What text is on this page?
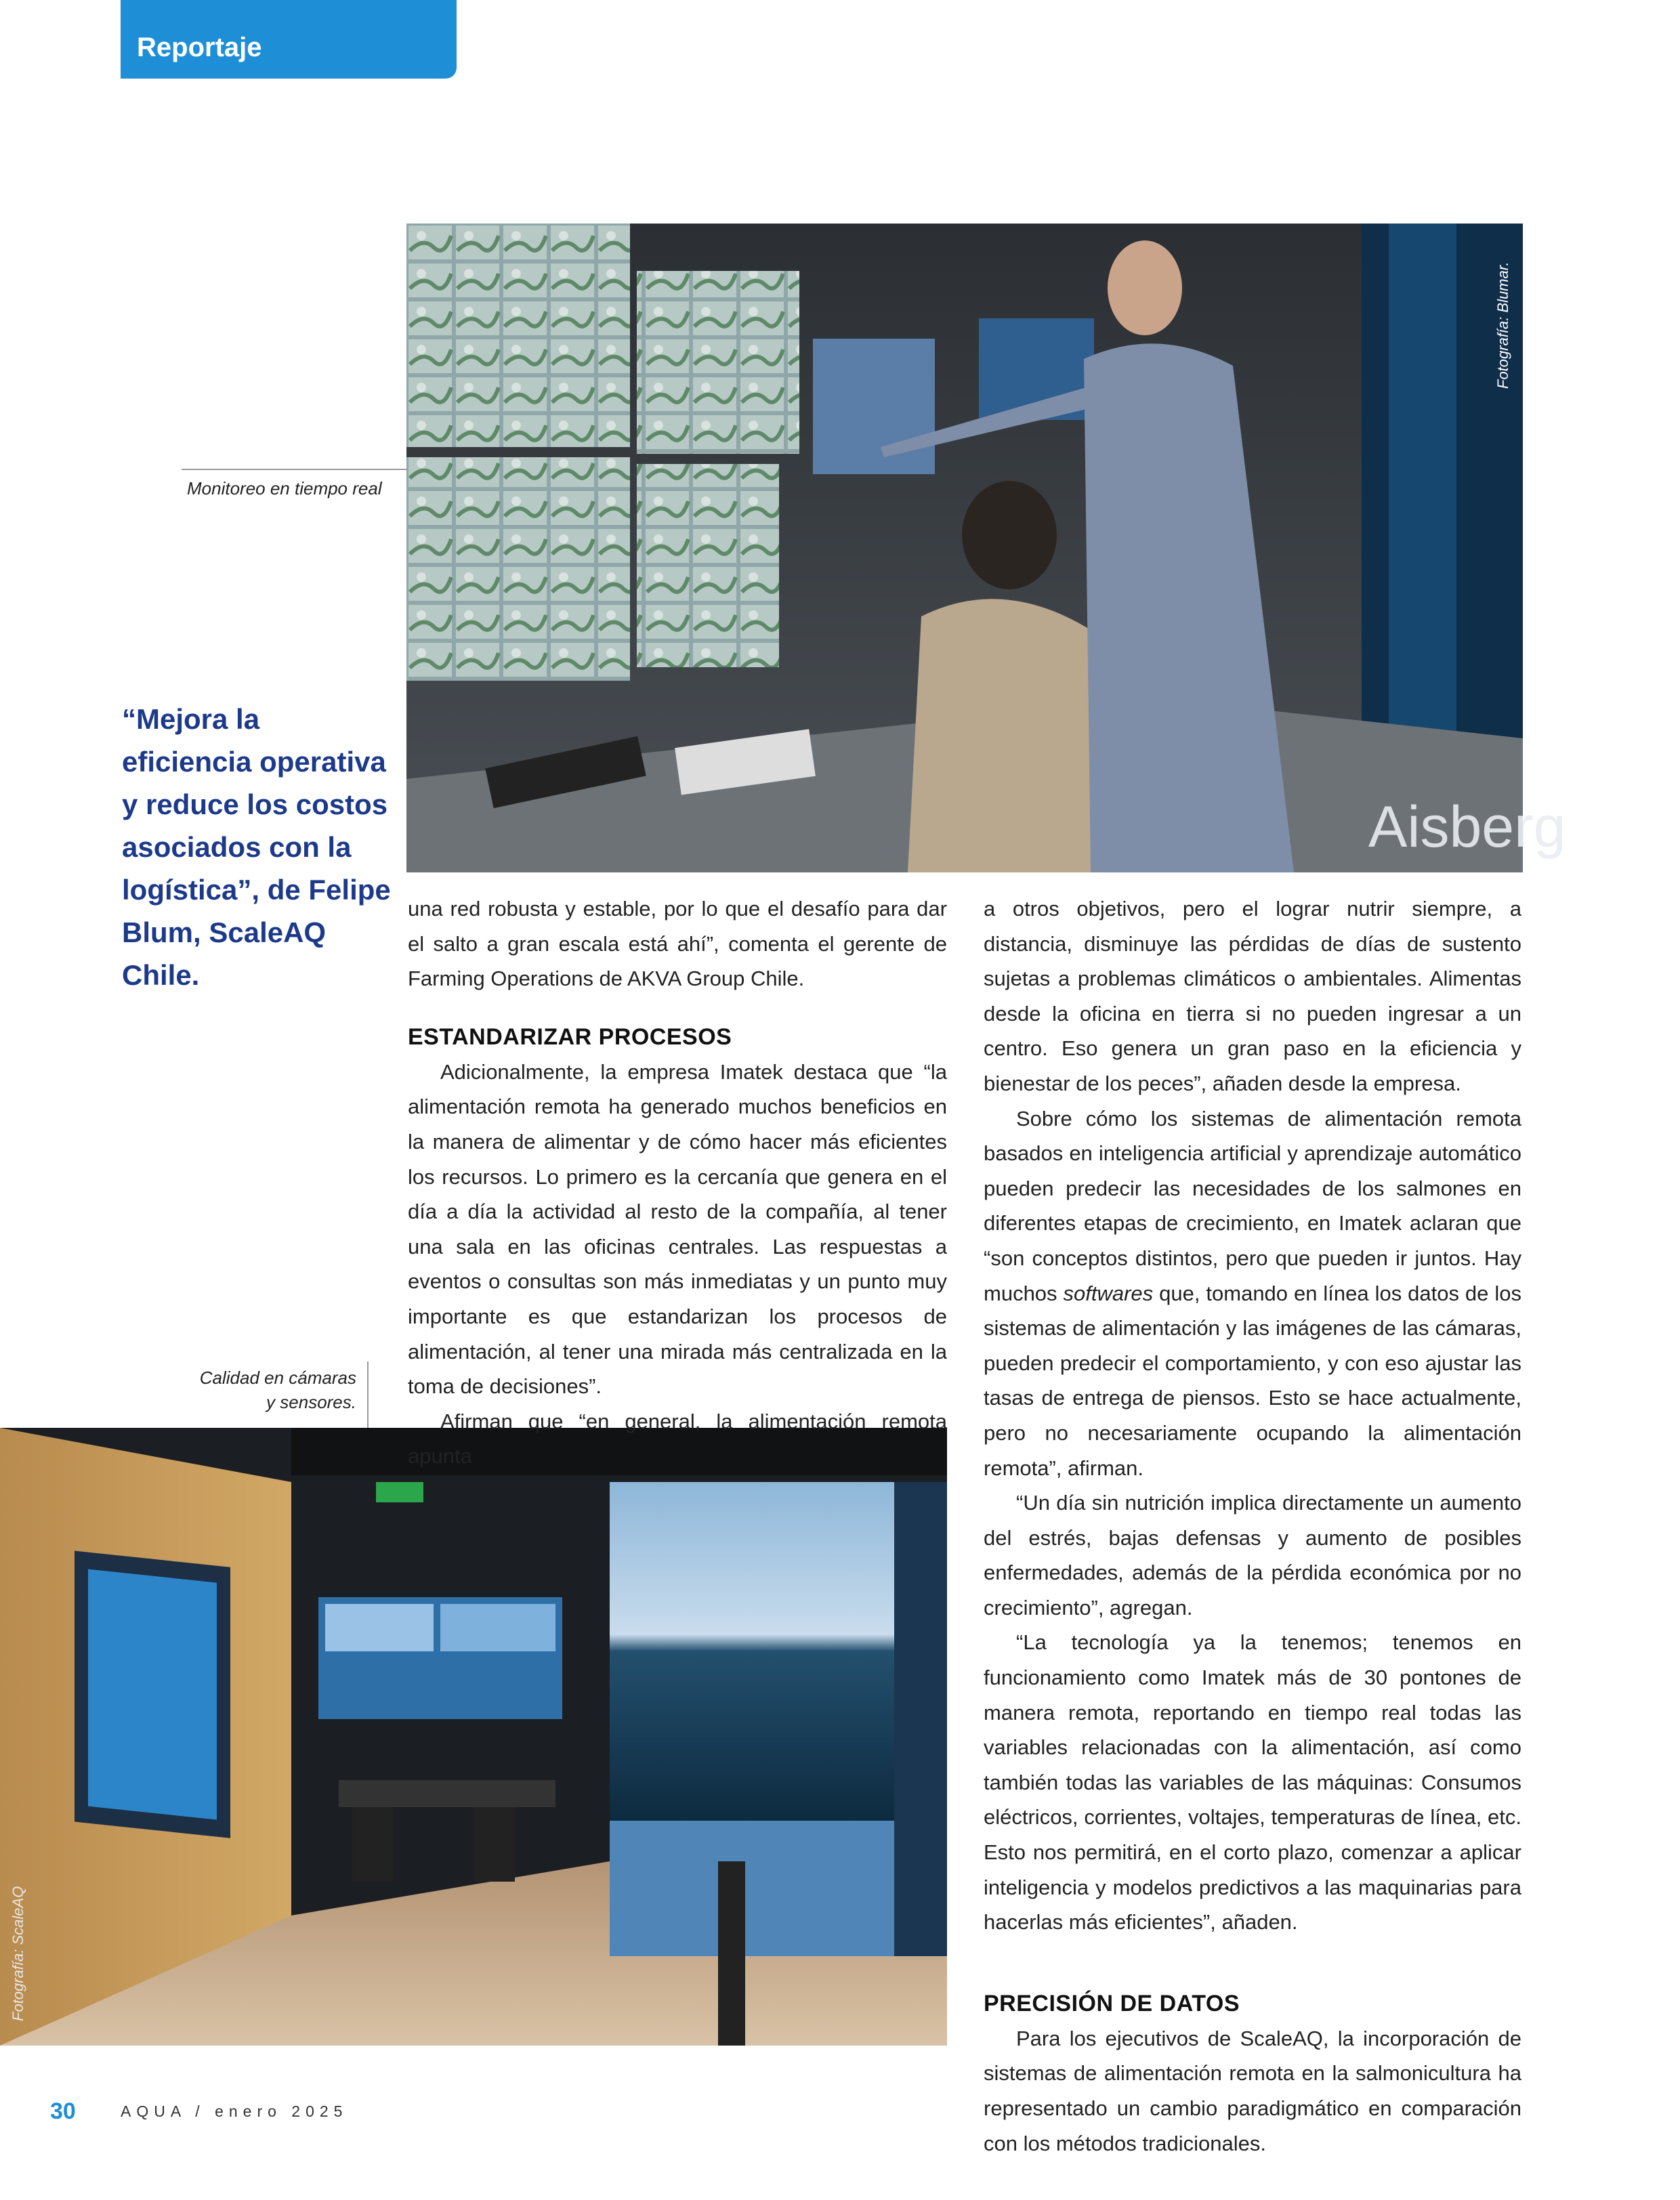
Reportaje
Aisberg
Fotografía: Blumar.
Monitoreo en tiempo real

“Mejora la eficiencia operativa y reduce los costos asociados con la logística”, de Felipe Blum, ScaleAQ Chile.

Calidad en cámaras
y sensores.
Fotografía: ScaleAQ

una red robusta y estable, por lo que el desafío para dar el salto a gran escala está ahí”, comenta el gerente de Farming Operations de AKVA Group Chile.

ESTANDARIZAR PROCESOS

Adicionalmente, la empresa Imatek destaca que “la alimentación remota ha generado muchos beneficios en la manera de alimentar y de cómo hacer más eficientes los recursos. Lo primero es la cercanía que genera en el día a día la actividad al resto de la compañía, al tener una sala en las oficinas centrales. Las respuestas a eventos o consultas son más inmediatas y un punto muy importante es que estandarizan los procesos de alimentación, al tener una mirada más centralizada en la toma de decisiones”.

Afirman que “en general, la alimentación remota apunta

a otros objetivos, pero el lograr nutrir siempre, a distancia, disminuye las pérdidas de días de sustento sujetas a problemas climáticos o ambientales. Alimentas desde la oficina en tierra si no pueden ingresar a un centro. Eso genera un gran paso en la eficiencia y bienestar de los peces”, añaden desde la empresa.

Sobre cómo los sistemas de alimentación remota basados en inteligencia artificial y aprendizaje automático pueden predecir las necesidades de los salmones en diferentes etapas de crecimiento, en Imatek aclaran que “son conceptos distintos, pero que pueden ir juntos. Hay muchos softwares que, tomando en línea los datos de los sistemas de alimentación y las imágenes de las cámaras, pueden predecir el comportamiento, y con eso ajustar las tasas de entrega de piensos. Esto se hace actualmente, pero no necesariamente ocupando la alimentación remota”, afirman.

“Un día sin nutrición implica directamente un aumento del estrés, bajas defensas y aumento de posibles enfermedades, además de la pérdida económica por no crecimiento”, agregan.

“La tecnología ya la tenemos; tenemos en funcionamiento como Imatek más de 30 pontones de manera remota, reportando en tiempo real todas las variables relacionadas con la alimentación, así como también todas las variables de las máquinas: Consumos eléctricos, corrientes, voltajes, temperaturas de línea, etc. Esto nos permitirá, en el corto plazo, comenzar a aplicar inteligencia y modelos predictivos a las maquinarias para hacerlas más eficientes”, añaden.

PRECISIÓN DE DATOS

Para los ejecutivos de ScaleAQ, la incorporación de sistemas de alimentación remota en la salmonicultura ha representado un cambio paradigmático en comparación con los métodos tradicionales.

30	AQUA / enero 2025
